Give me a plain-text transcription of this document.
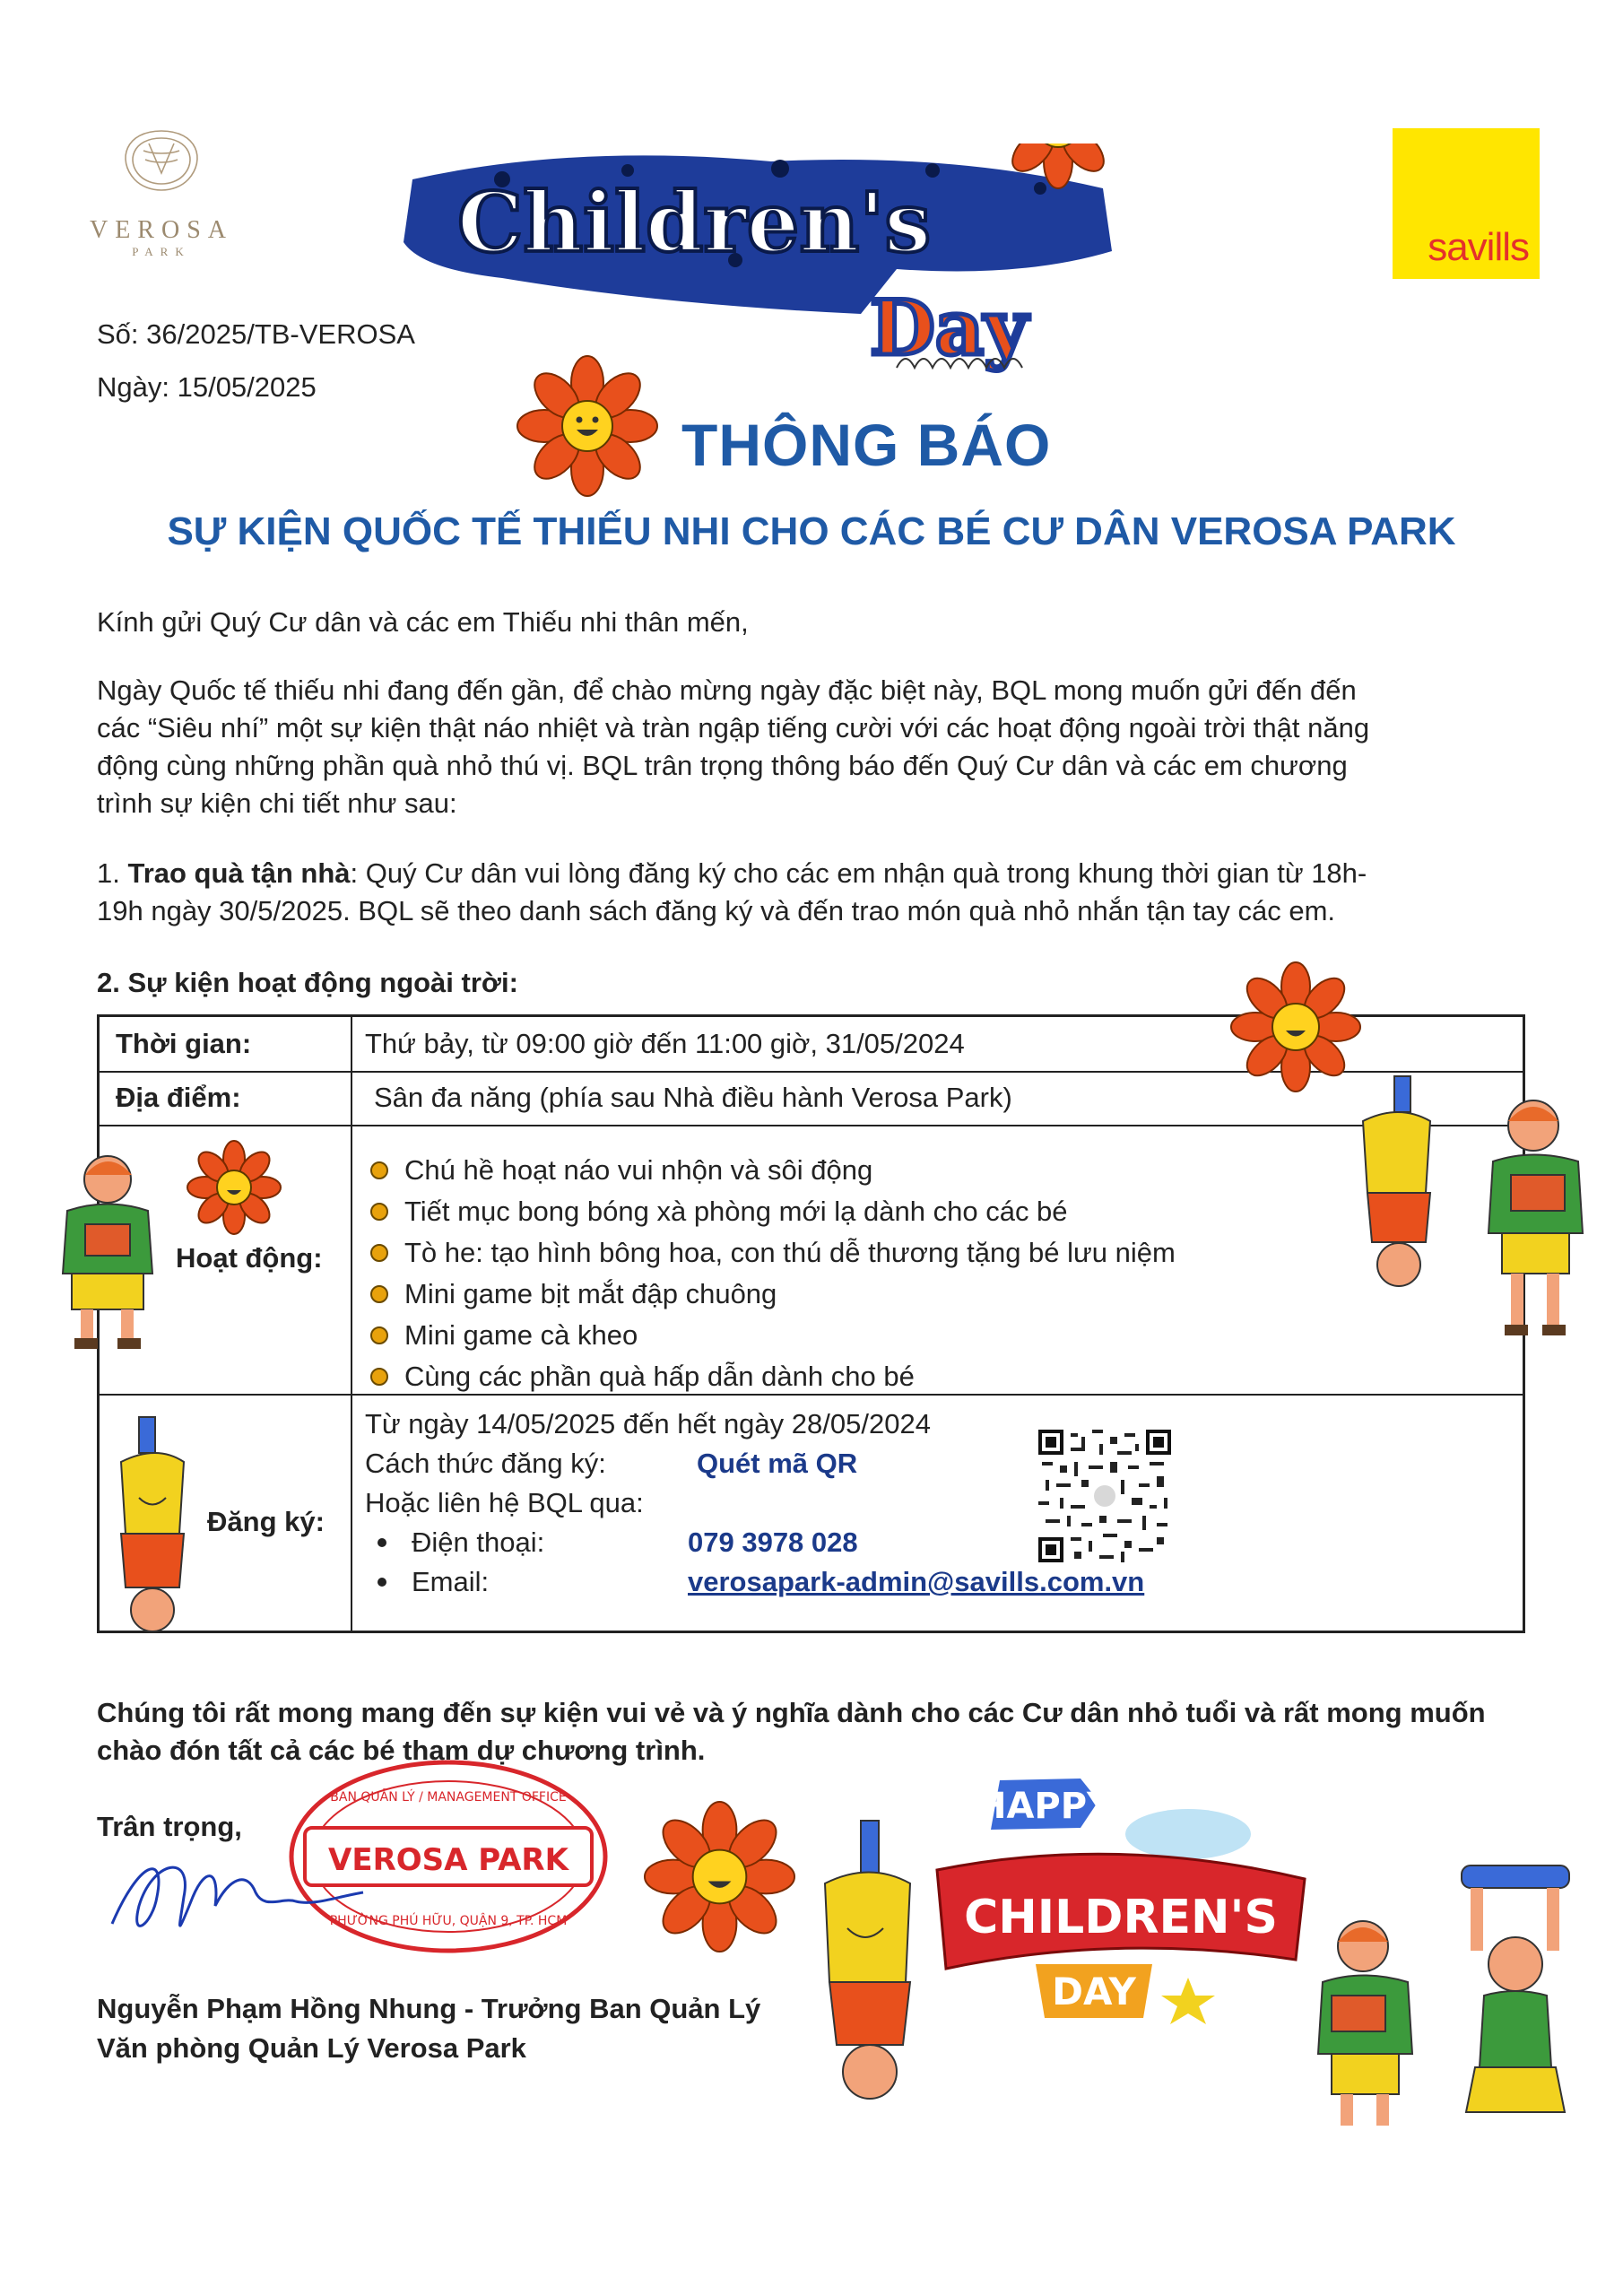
VEROSA
PARK	Children's
Day
savills
Số: 36/2025/TB-VEROSA
Ngày: 15/05/2025
THÔNG BÁO
SỰ KIỆN QUỐC TẾ THIẾU NHI CHO CÁC BÉ CƯ DÂN VEROSA PARK
Kính gửi Quý Cư dân và các em Thiếu nhi thân mến,
Ngày Quốc tế thiếu nhi đang đến gần, để chào mừng ngày đặc biệt này, BQL mong muốn gửi đến đến
các “Siêu nhí” một sự kiện thật náo nhiệt và tràn ngập tiếng cười với các hoạt động ngoài trời thật năng
động cùng những phần quà nhỏ thú vị. BQL trân trọng thông báo đến Quý Cư dân và các em chương
trình sự kiện chi tiết như sau:
1. Trao quà tận nhà: Quý Cư dân vui lòng đăng ký cho các em nhận quà trong khung thời gian từ 18h-
19h ngày 30/5/2025. BQL sẽ theo danh sách đăng ký và đến trao món quà nhỏ nhắn tận tay các em.
2. Sự kiện hoạt động ngoài trời:
Thời gian:	Thứ bảy, từ 09:00 giờ đến 11:00 giờ, 31/05/2024
Địa điểm:	Sân đa năng (phía sau Nhà điều hành Verosa Park)
Hoạt động:
Chú hề hoạt náo vui nhộn và sôi động
Tiết mục bong bóng xà phòng mới lạ dành cho các bé
Tò he: tạo hình bông hoa, con thú dễ thương tặng bé lưu niệm
Mini game bịt mắt đập chuông
Mini game cà kheo
Cùng các phần quà hấp dẫn dành cho bé
Đăng ký:
Từ ngày 14/05/2025 đến hết ngày 28/05/2024
Cách thức đăng ký:	Quét mã QR
Hoặc liên hệ BQL qua:
Điện thoại:	079 3978 028
Email:	verosapark-admin@savills.com.vn
Chúng tôi rất mong mang đến sự kiện vui vẻ và ý nghĩa dành cho các Cư dân nhỏ tuổi và rất mong muốn
chào đón tất cả các bé tham dự chương trình.
Trân trọng,
VEROSA PARK
BAN QUẢN LÝ / MANAGEMENT OFFICE
PHƯỜNG PHÚ HỮU, QUẬN 9, TP. HCM
Nguyễn Phạm Hồng Nhung - Trưởng Ban Quản Lý
Văn phòng Quản Lý Verosa Park
HAPPY
CHILDREN'S
DAY
